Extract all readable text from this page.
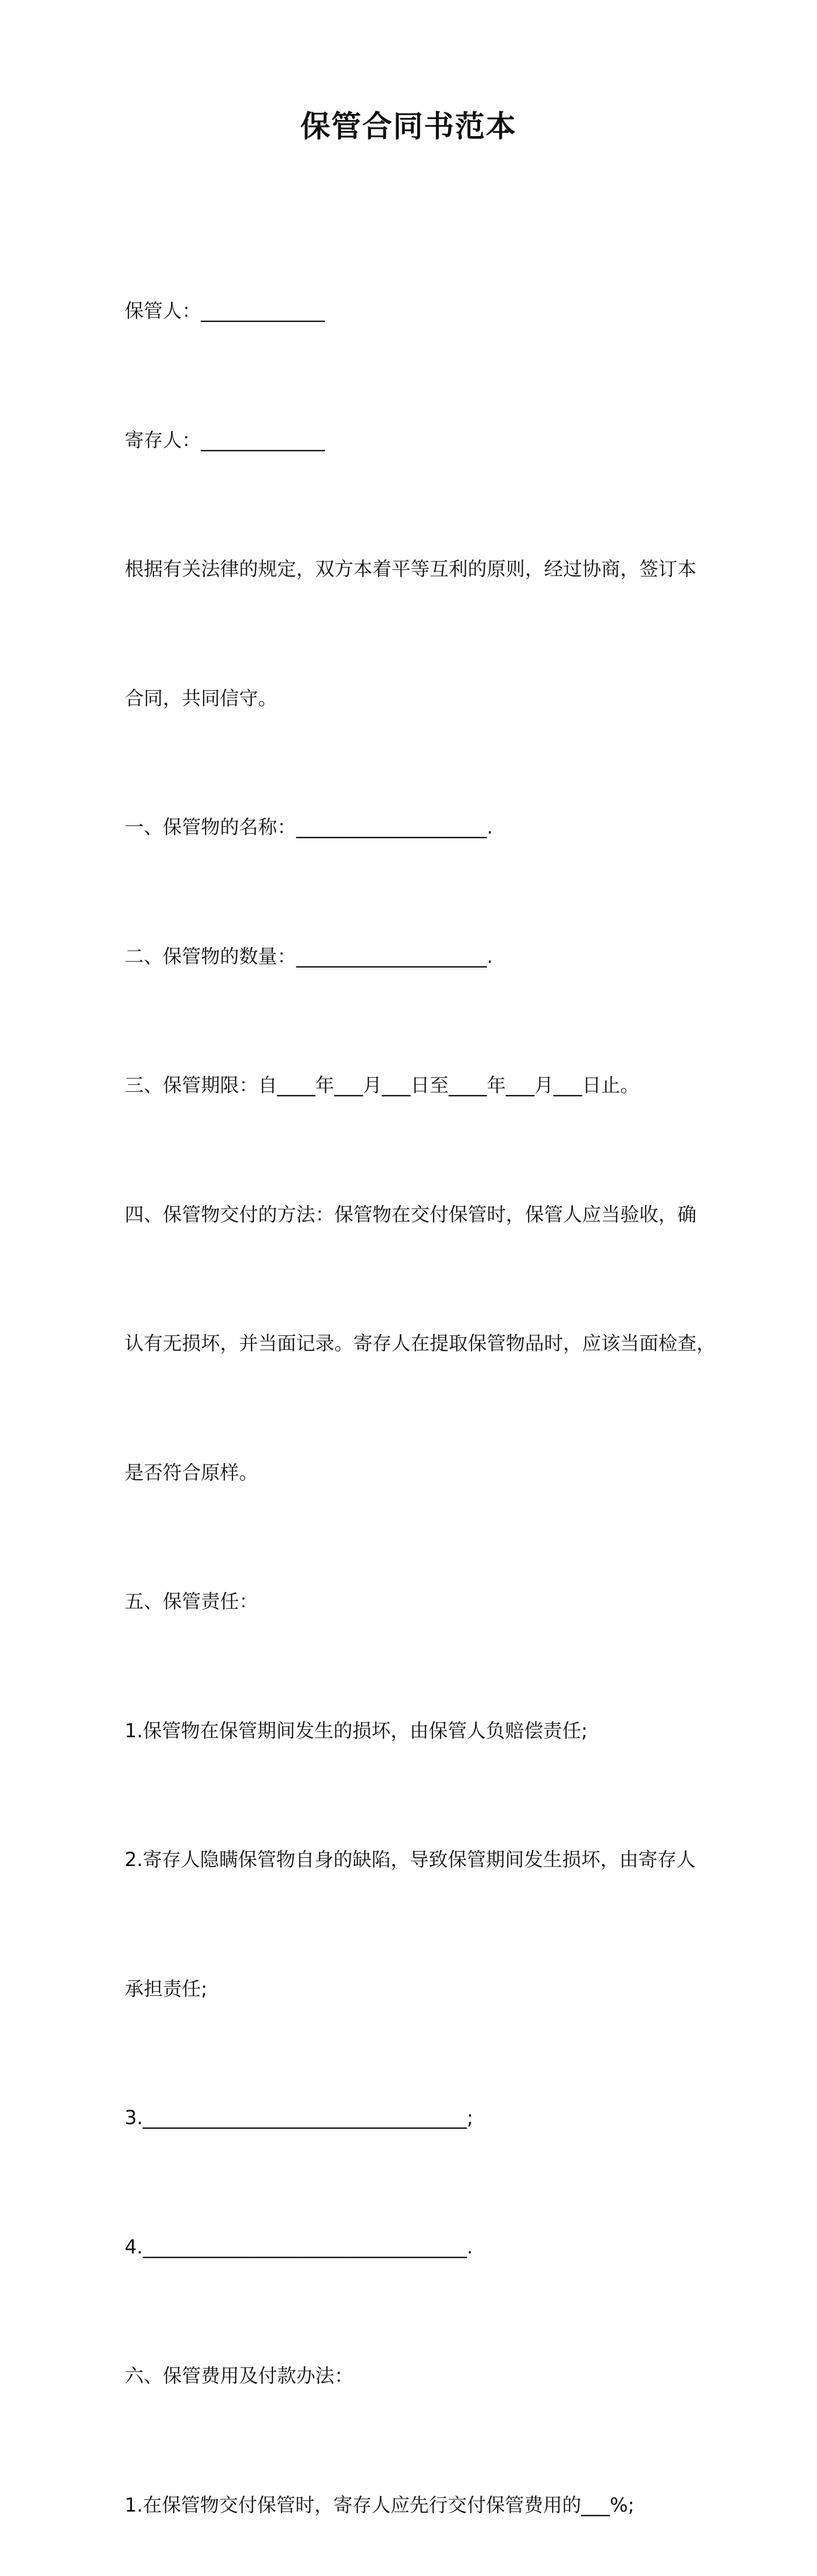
保管合同书范本

保管人：_____________

寄存人：_____________

根据有关法律的规定，双方本着平等互利的原则，经过协商，签订本

合同，共同信守。

一、保管物的名称：____________________.

二、保管物的数量：____________________.

三、保管期限：自____年___月___日至____年___月___日止。

四、保管物交付的方法：保管物在交付保管时，保管人应当验收，确

认有无损坏，并当面记录。寄存人在提取保管物品时，应该当面检查，

是否符合原样。

五、保管责任：

1.保管物在保管期间发生的损坏，由保管人负赔偿责任;

2.寄存人隐瞒保管物自身的缺陷，导致保管期间发生损坏，由寄存人

承担责任;

3.__________________________________;

4.__________________________________.

六、保管费用及付款办法：

1.在保管物交付保管时，寄存人应先行交付保管费用的___%;
